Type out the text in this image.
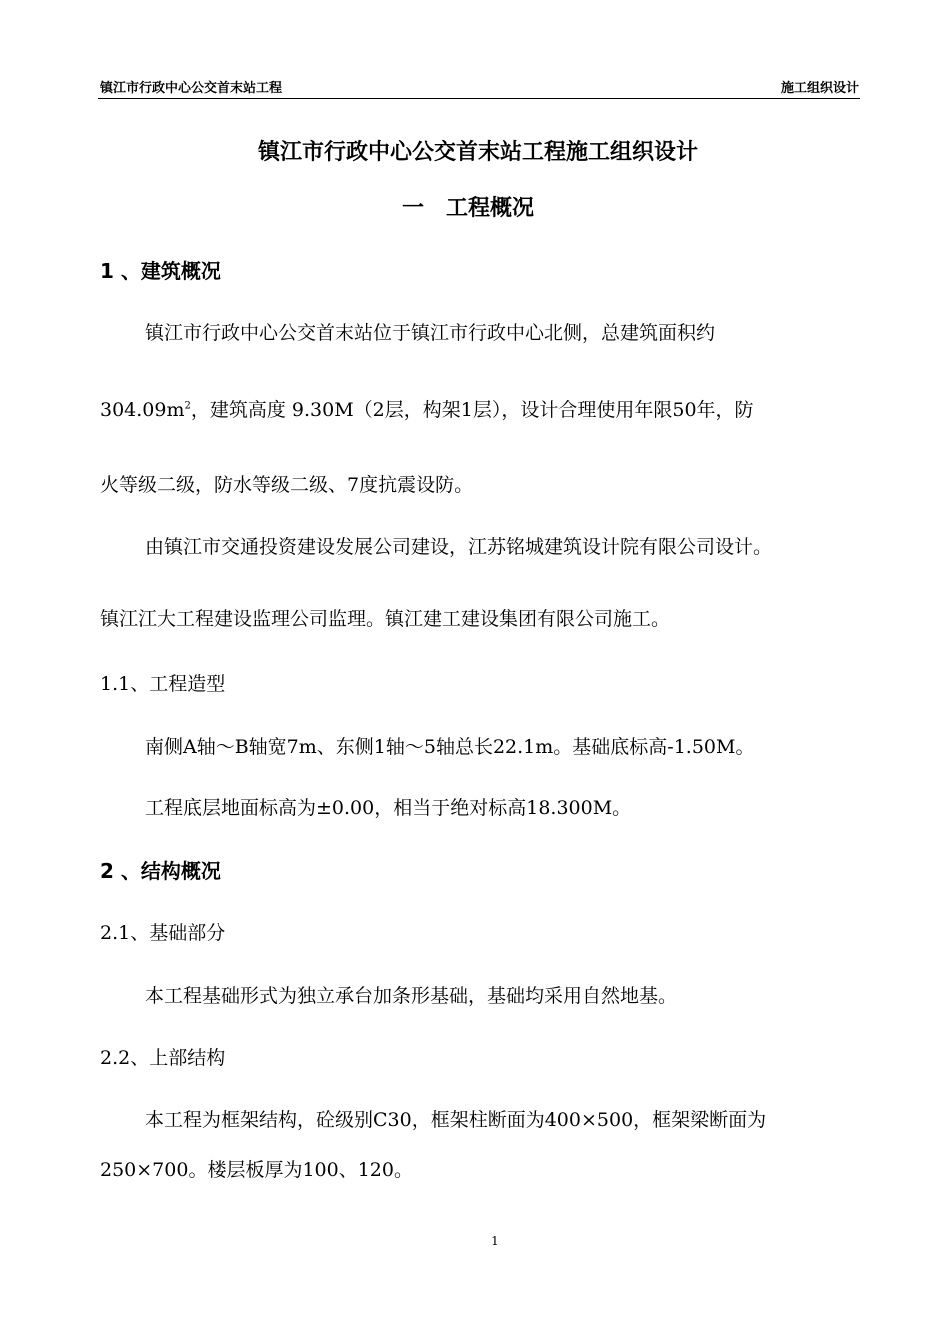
镇江市行政中心公交首末站工程	施工组织设计
镇江市行政中心公交首末站工程施工组织设计
一　工程概况
1 、建筑概况
镇江市行政中心公交首末站位于镇江市行政中心北侧，总建筑面积约
$304.09m^2$，建筑高度 9.30M（2层，构架1层），设计合理使用年限50年，防
火等级二级，防水等级二级、7度抗震设防。
由镇江市交通投资建设发展公司建设，江苏铭城建筑设计院有限公司设计。
镇江江大工程建设监理公司监理。镇江建工建设集团有限公司施工。
1.1、工程造型
南侧A轴～B轴宽7m、东侧1轴～5轴总长22.1m。基础底标高-1.50M。
工程底层地面标高为±0.00，相当于绝对标高18.300M。
2 、结构概况
2.1、基础部分
本工程基础形式为独立承台加条形基础，基础均采用自然地基。
2.2、上部结构
本工程为框架结构，砼级别C30，框架柱断面为400×500，框架梁断面为
250×700。楼层板厚为100、120。
1
